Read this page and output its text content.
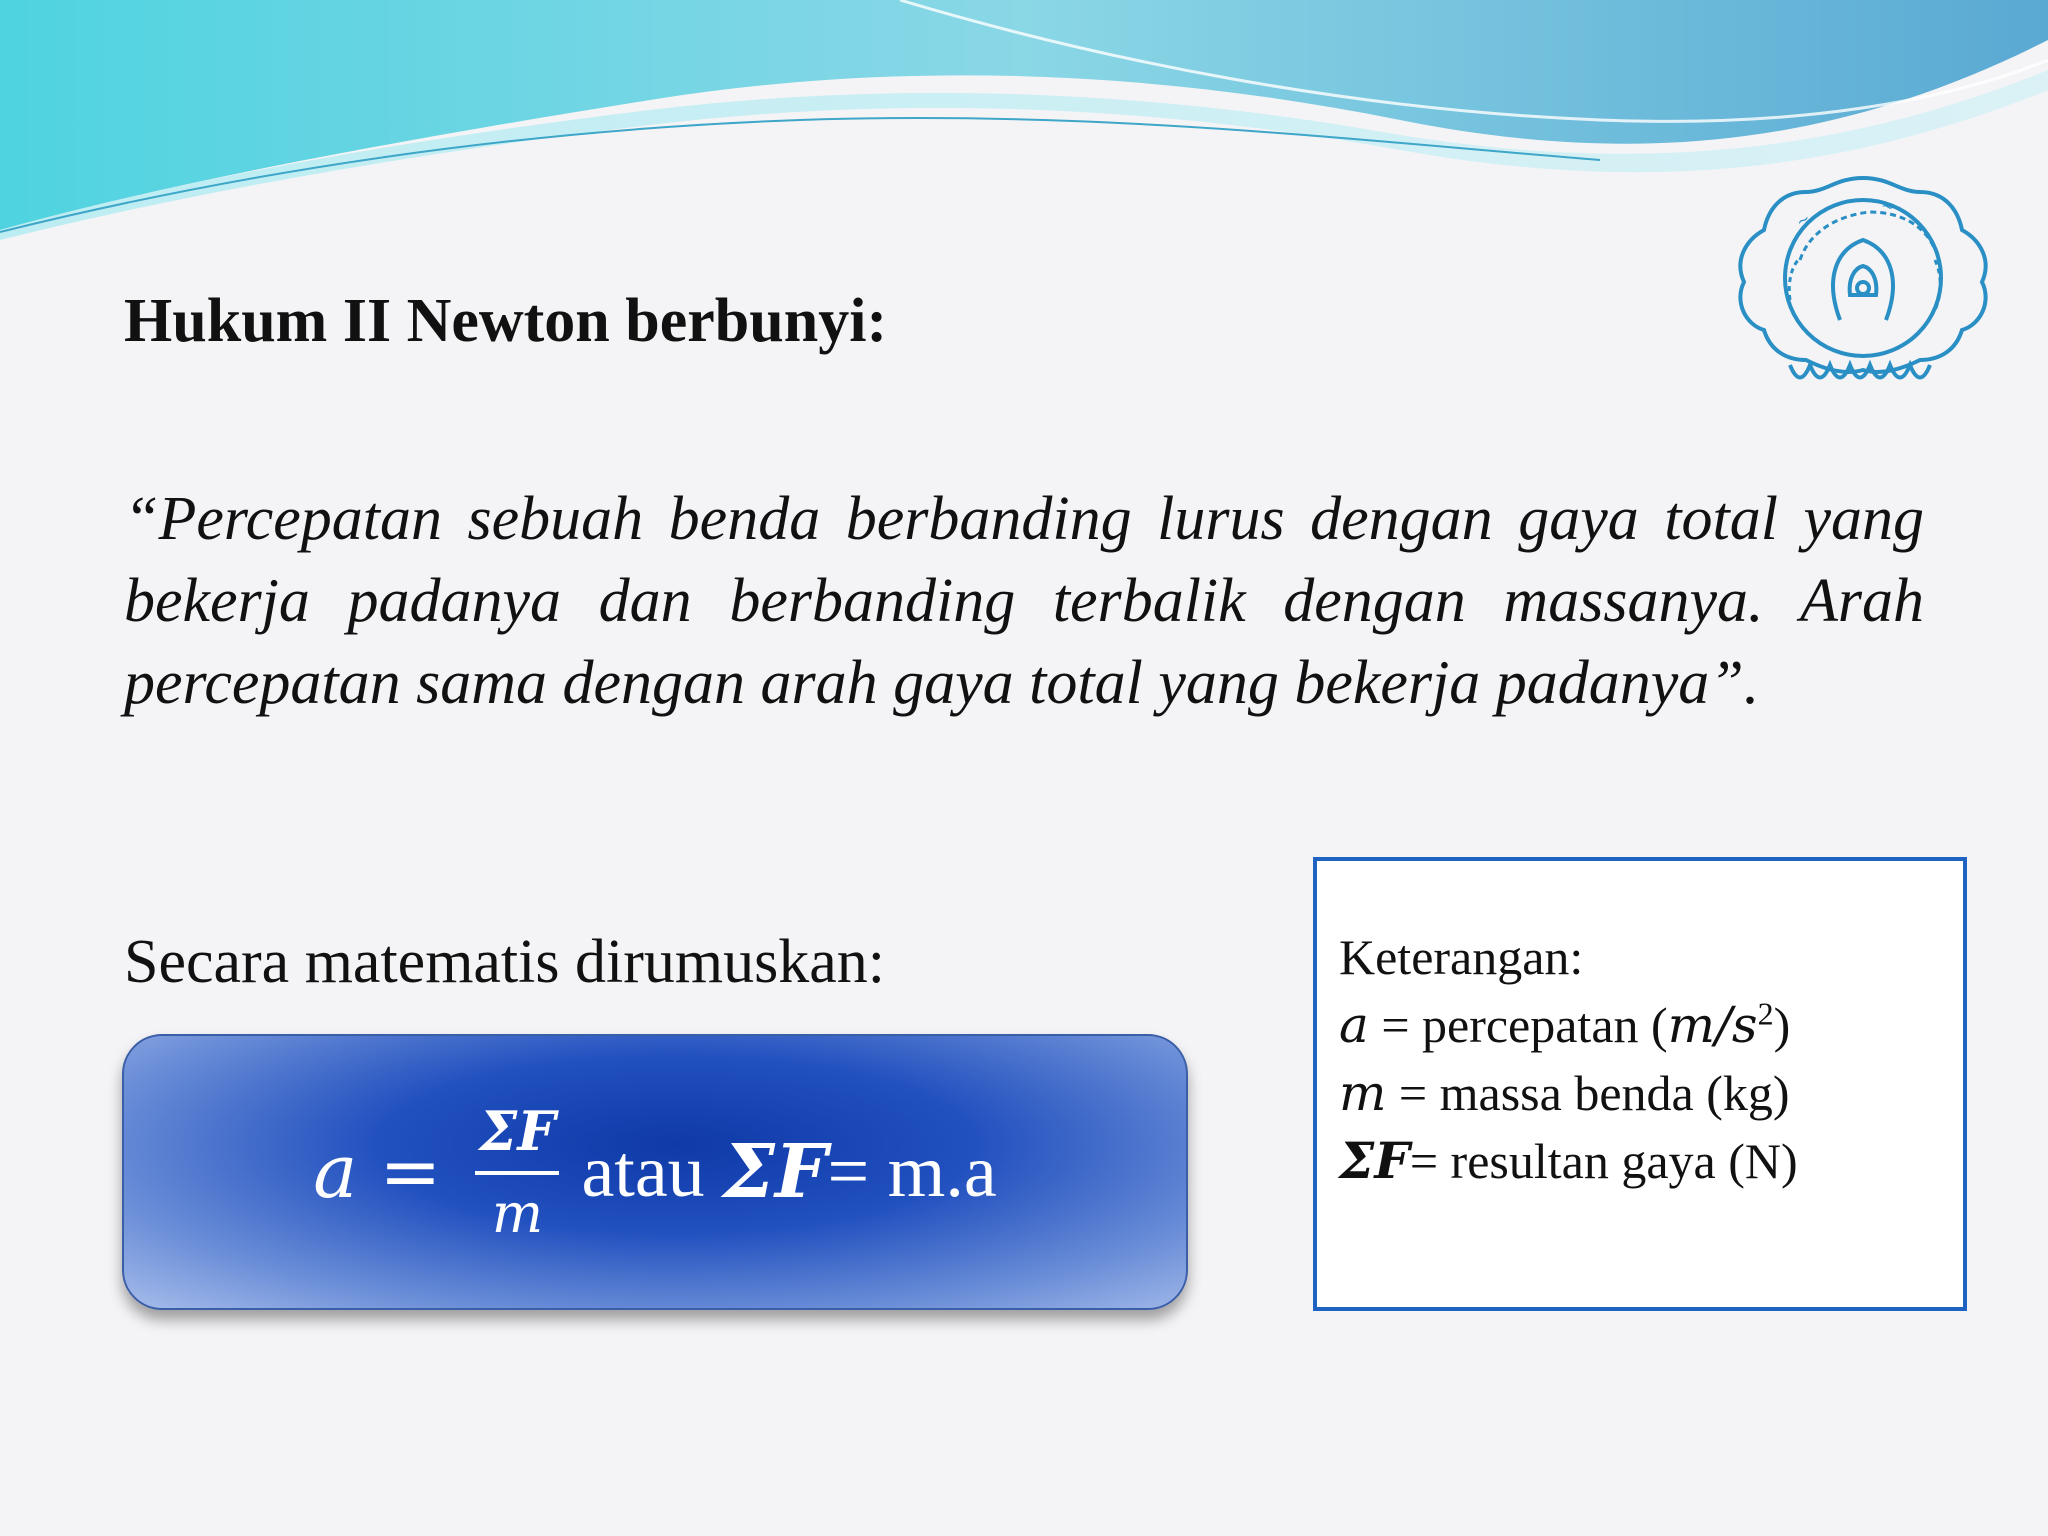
~
~
Hukum II Newton berbunyi:
“Percepatan sebuah benda berbanding lurus dengan gaya total yang bekerja padanya dan berbanding terbalik dengan massanya. Arah percepatan sama dengan arah gaya total yang bekerja padanya”.
Secara matematis dirumuskan:
$a = \frac{\Sigma F}{m}$ atau ΣF = m.a
Keterangan:
a = percepatan $(m/s^2)$
m = massa benda (kg)
ΣF= resultan gaya (N)
